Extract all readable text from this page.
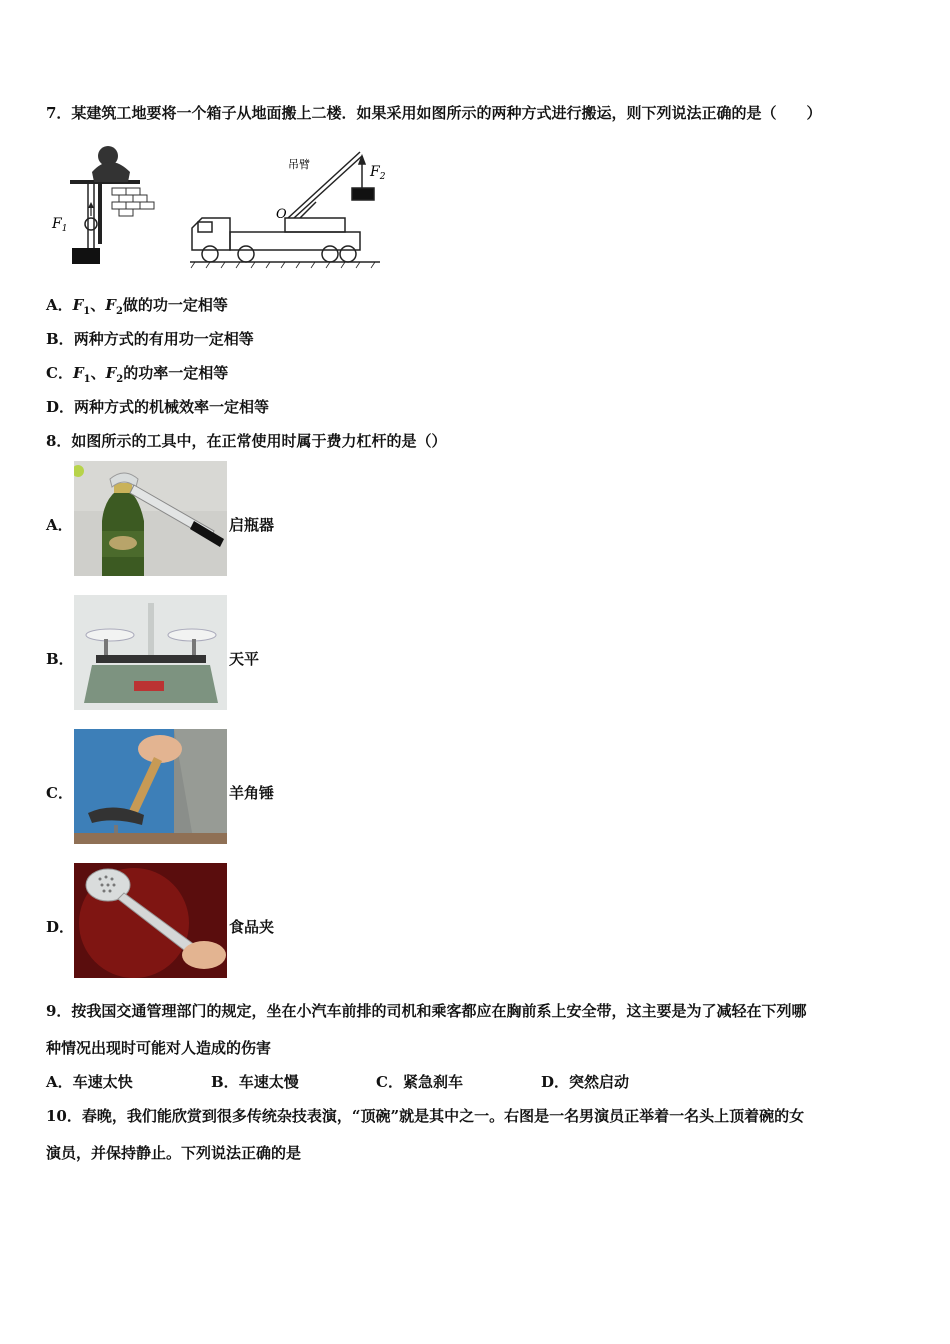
7．某建筑工地要将一个箱子从地面搬上二楼．如果采用如图所示的两种方式进行搬运，则下列说法正确的是（　　）
$F_1$
吊臂	$F_2$
O
A．$F_1$、$F_2$做的功一定相等
B．两种方式的有用功一定相等
C．$F_1$、$F_2$的功率一定相等
D．两种方式的机械效率一定相等
8．如图所示的工具中，在正常使用时属于费力杠杆的是（）
A．	启瓶器
B．	天平
C．	羊角锤
D．	食品夹
9．按我国交通管理部门的规定，坐在小汽车前排的司机和乘客都应在胸前系上安全带，这主要是为了减轻在下列哪
种情况出现时可能对人造成的伤害
A．车速太快	B．车速太慢	C．紧急刹车	D．突然启动
10．春晚，我们能欣赏到很多传统杂技表演，“顶碗”就是其中之一。右图是一名男演员正举着一名头上顶着碗的女
演员，并保持静止。下列说法正确的是
